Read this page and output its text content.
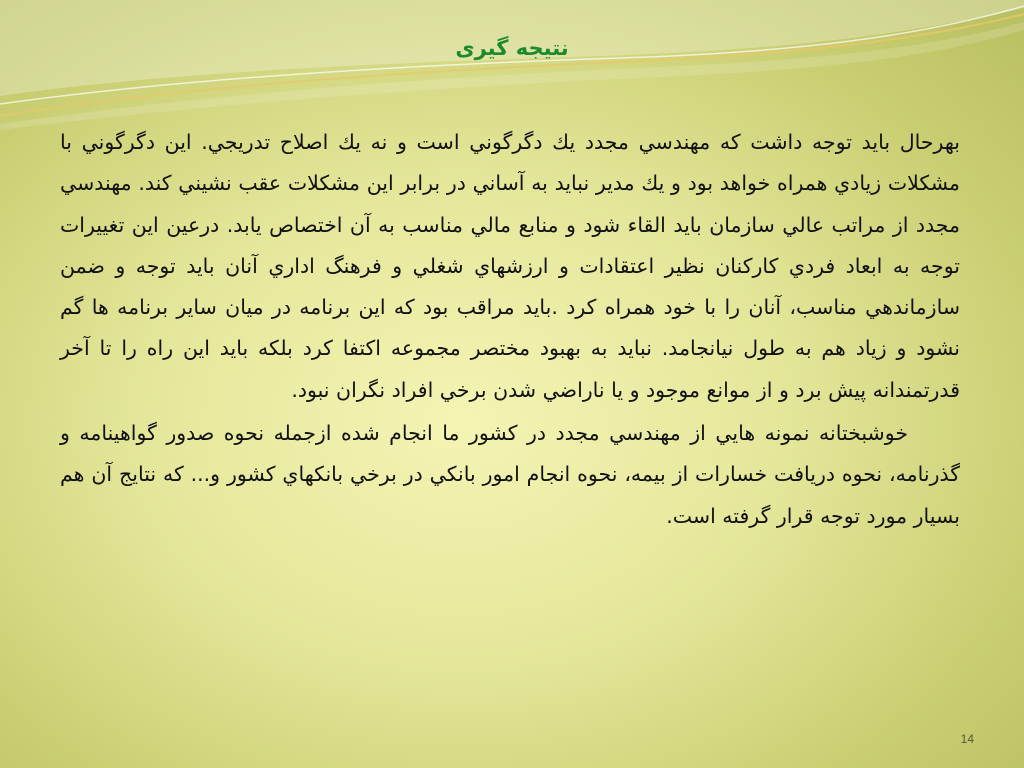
نتیجه گیری

بهرحال بايد توجه داشت كه مهندسي مجدد يك دگرگوني است و نه يك اصلاح تدريجي. اين دگرگوني با مشكلات زيادي همراه خواهد بود و يك مدير نبايد به آساني در برابر اين مشكلات عقب نشيني كند. مهندسي مجدد از مراتب عالي سازمان بايد القاء شود و منابع مالي مناسب به آن اختصاص يابد. درعين اين تغييرات توجه به ابعاد فردي كاركنان نظير اعتقادات و ارزشهاي شغلي و فرهنگ اداري آنان بايد توجه و ضمن سازماندهي مناسب، آنان را با خود همراه كرد .بايد مراقب بود كه اين برنامه در ميان ساير برنامه ها گم نشود و زياد هم به طول نيانجامد. نبايد به بهبود مختصر مجموعه اكتفا كرد بلكه بايد اين راه را تا آخر قدرتمندانه پيش برد و از موانع موجود و يا ناراضي شدن برخي افراد نگران نبود.

خوشبختانه نمونه هايي از مهندسي مجدد در كشور ما انجام شده ازجمله نحوه صدور گواهينامه و گذرنامه، نحوه دريافت خسارات از بيمه، نحوه انجام امور بانكي در برخي بانكهاي كشور و... كه نتايج آن هم بسيار مورد توجه قرار گرفته است.

14
